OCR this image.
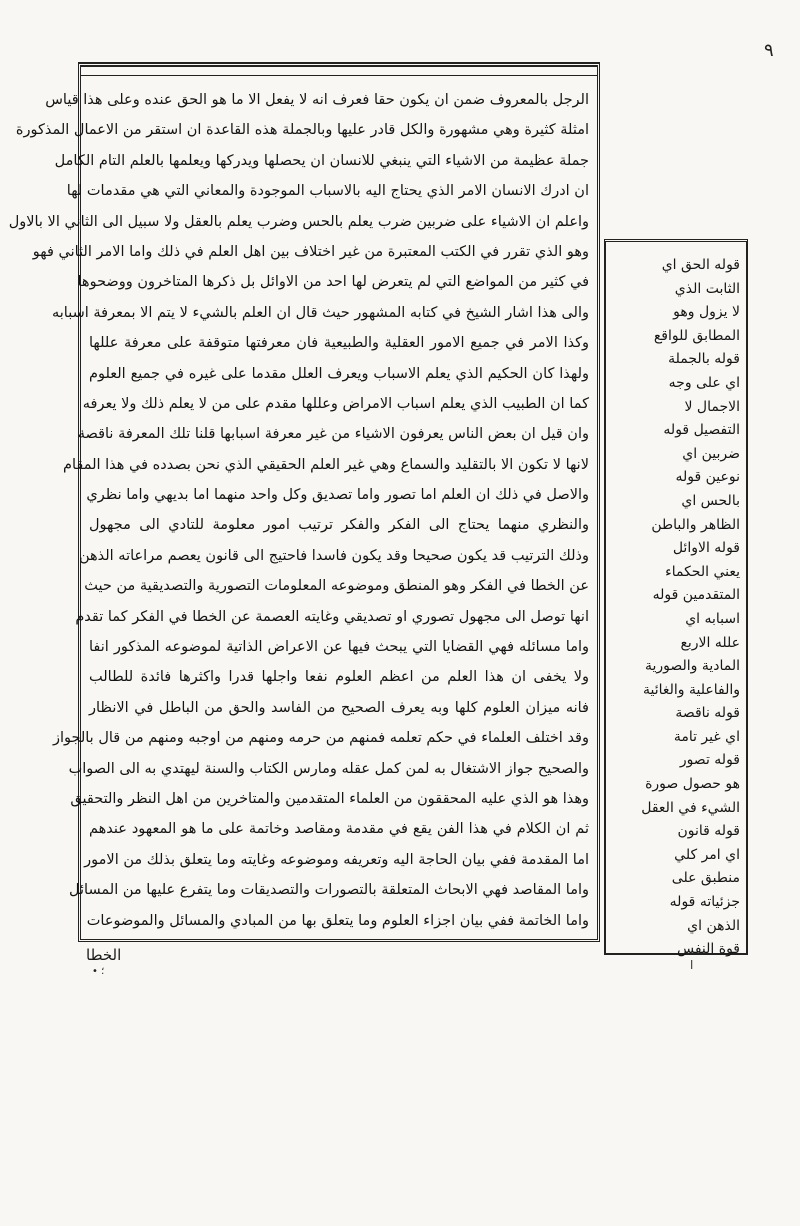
٩
الرجل بالمعروف ضمن ان يكون حقا فعرف انه لا يفعل الا ما هو الحق عنده وعلى هذا قياس
امثلة كثيرة وهي مشهورة والكل قادر عليها وبالجملة هذه القاعدة ان استقر من الاعمال المذكورة
جملة عظيمة من الاشياء التي ينبغي للانسان ان يحصلها ويدركها ويعلمها بالعلم التام الكامل
ان ادرك الانسان الامر الذي يحتاج اليه بالاسباب الموجودة والمعاني التي هي مقدمات لها
واعلم ان الاشياء على ضربين ضرب يعلم بالحس وضرب يعلم بالعقل ولا سبيل الى الثاني الا بالاول
وهو الذي تقرر في الكتب المعتبرة من غير اختلاف بين اهل العلم في ذلك واما الامر الثاني فهو
في كثير من المواضع التي لم يتعرض لها احد من الاوائل بل ذكرها المتاخرون ووضحوها
والى هذا اشار الشيخ في كتابه المشهور حيث قال ان العلم بالشيء لا يتم الا بمعرفة اسبابه
وكذا الامر في جميع الامور العقلية والطبيعية فان معرفتها متوقفة على معرفة عللها
ولهذا كان الحكيم الذي يعلم الاسباب ويعرف العلل مقدما على غيره في جميع العلوم
كما ان الطبيب الذي يعلم اسباب الامراض وعللها مقدم على من لا يعلم ذلك ولا يعرفه
وان قيل ان بعض الناس يعرفون الاشياء من غير معرفة اسبابها قلنا تلك المعرفة ناقصة
لانها لا تكون الا بالتقليد والسماع وهي غير العلم الحقيقي الذي نحن بصدده في هذا المقام
والاصل في ذلك ان العلم اما تصور واما تصديق وكل واحد منهما اما بديهي واما نظري
والنظري منهما يحتاج الى الفكر والفكر ترتيب امور معلومة للتادي الى مجهول
وذلك الترتيب قد يكون صحيحا وقد يكون فاسدا فاحتيج الى قانون يعصم مراعاته الذهن
عن الخطا في الفكر وهو المنطق وموضوعه المعلومات التصورية والتصديقية من حيث
انها توصل الى مجهول تصوري او تصديقي وغايته العصمة عن الخطا في الفكر كما تقدم
واما مسائله فهي القضايا التي يبحث فيها عن الاعراض الذاتية لموضوعه المذكور انفا
ولا يخفى ان هذا العلم من اعظم العلوم نفعا واجلها قدرا واكثرها فائدة للطالب
فانه ميزان العلوم كلها وبه يعرف الصحيح من الفاسد والحق من الباطل في الانظار
وقد اختلف العلماء في حكم تعلمه فمنهم من حرمه ومنهم من اوجبه ومنهم من قال بالجواز
والصحيح جواز الاشتغال به لمن كمل عقله ومارس الكتاب والسنة ليهتدي به الى الصواب
وهذا هو الذي عليه المحققون من العلماء المتقدمين والمتاخرين من اهل النظر والتحقيق
ثم ان الكلام في هذا الفن يقع في مقدمة ومقاصد وخاتمة على ما هو المعهود عندهم
اما المقدمة ففي بيان الحاجة اليه وتعريفه وموضوعه وغايته وما يتعلق بذلك من الامور
واما المقاصد فهي الابحاث المتعلقة بالتصورات والتصديقات وما يتفرع عليها من المسائل
واما الخاتمة ففي بيان اجزاء العلوم وما يتعلق بها من المبادي والمسائل والموضوعات
قوله الحق اي
الثابت الذي
لا يزول وهو
المطابق للواقع
قوله بالجملة
اي على وجه
الاجمال لا
التفصيل قوله
ضربين اي
نوعين قوله
بالحس اي
الظاهر والباطن
قوله الاوائل
يعني الحكماء
المتقدمين قوله
اسبابه اي
علله الاربع
المادية والصورية
والفاعلية والغائية
قوله ناقصة
اي غير تامة
قوله تصور
هو حصول صورة
الشيء في العقل
قوله قانون
اي امر كلي
منطبق على
جزئياته قوله
الذهن اي
قوة النفس
الخطا
• ؛	ا
